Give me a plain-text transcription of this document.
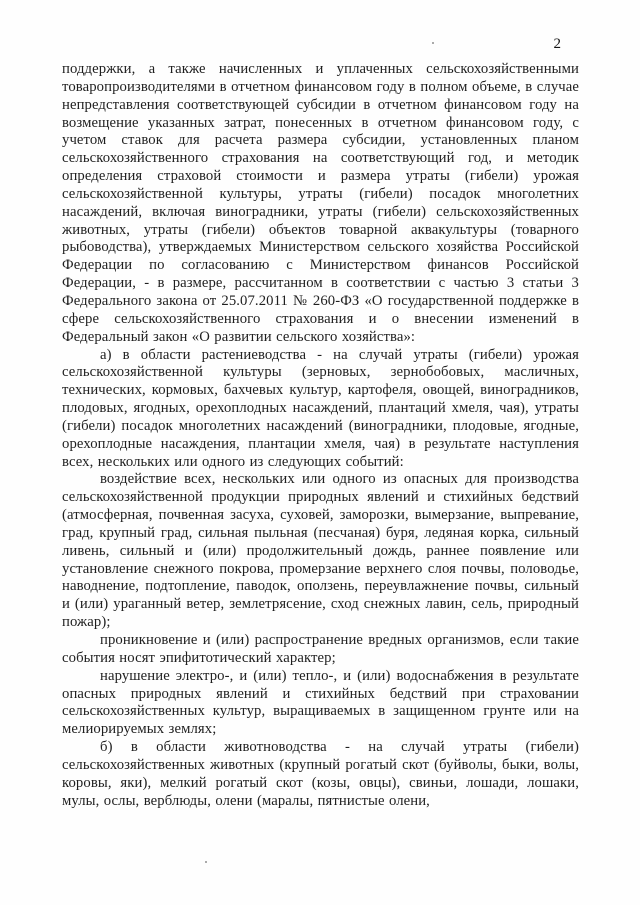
2

поддержки, а также начисленных и уплаченных сельскохозяйственными товаропроизводителями в отчетном финансовом году в полном объеме, в случае непредставления соответствующей субсидии в отчетном финансовом году на возмещение указанных затрат, понесенных в отчетном финансовом году, с учетом ставок для расчета размера субсидии, установленных планом сельскохозяйственного страхования на соответствующий год, и методик определения страховой стоимости и размера утраты (гибели) урожая сельскохозяйственной культуры, утраты (гибели) посадок многолетних насаждений, включая виноградники, утраты (гибели) сельскохозяйственных животных, утраты (гибели) объектов товарной аквакультуры (товарного рыбоводства), утверждаемых Министерством сельского хозяйства Российской Федерации по согласованию с Министерством финансов Российской Федерации, - в размере, рассчитанном в соответствии с частью 3 статьи 3 Федерального закона от 25.07.2011 № 260-ФЗ «О государственной поддержке в сфере сельскохозяйственного страхования и о внесении изменений в Федеральный закон «О развитии сельского хозяйства»:

а) в области растениеводства - на случай утраты (гибели) урожая сельскохозяйственной культуры (зерновых, зернобобовых, масличных, технических, кормовых, бахчевых культур, картофеля, овощей, виноградников, плодовых, ягодных, орехоплодных насаждений, плантаций хмеля, чая), утраты (гибели) посадок многолетних насаждений (виноградники, плодовые, ягодные, орехоплодные насаждения, плантации хмеля, чая) в результате наступления всех, нескольких или одного из следующих событий:

воздействие всех, нескольких или одного из опасных для производства сельскохозяйственной продукции природных явлений и стихийных бедствий (атмосферная, почвенная засуха, суховей, заморозки, вымерзание, выпревание, град, крупный град, сильная пыльная (песчаная) буря, ледяная корка, сильный ливень, сильный и (или) продолжительный дождь, раннее появление или установление снежного покрова, промерзание верхнего слоя почвы, половодье, наводнение, подтопление, паводок, оползень, переувлажнение почвы, сильный и (или) ураганный ветер, землетрясение, сход снежных лавин, сель, природный пожар);

проникновение и (или) распространение вредных организмов, если такие события носят эпифитотический характер;

нарушение электро-, и (или) тепло-, и (или) водоснабжения в результате опасных природных явлений и стихийных бедствий при страховании сельскохозяйственных культур, выращиваемых в защищенном грунте или на мелиорируемых землях;

б) в области животноводства - на случай утраты (гибели) сельскохозяйственных животных (крупный рогатый скот (буйволы, быки, волы, коровы, яки), мелкий рогатый скот (козы, овцы), свиньи, лошади, лошаки, мулы, ослы, верблюды, олени (маралы, пятнистые олени,
